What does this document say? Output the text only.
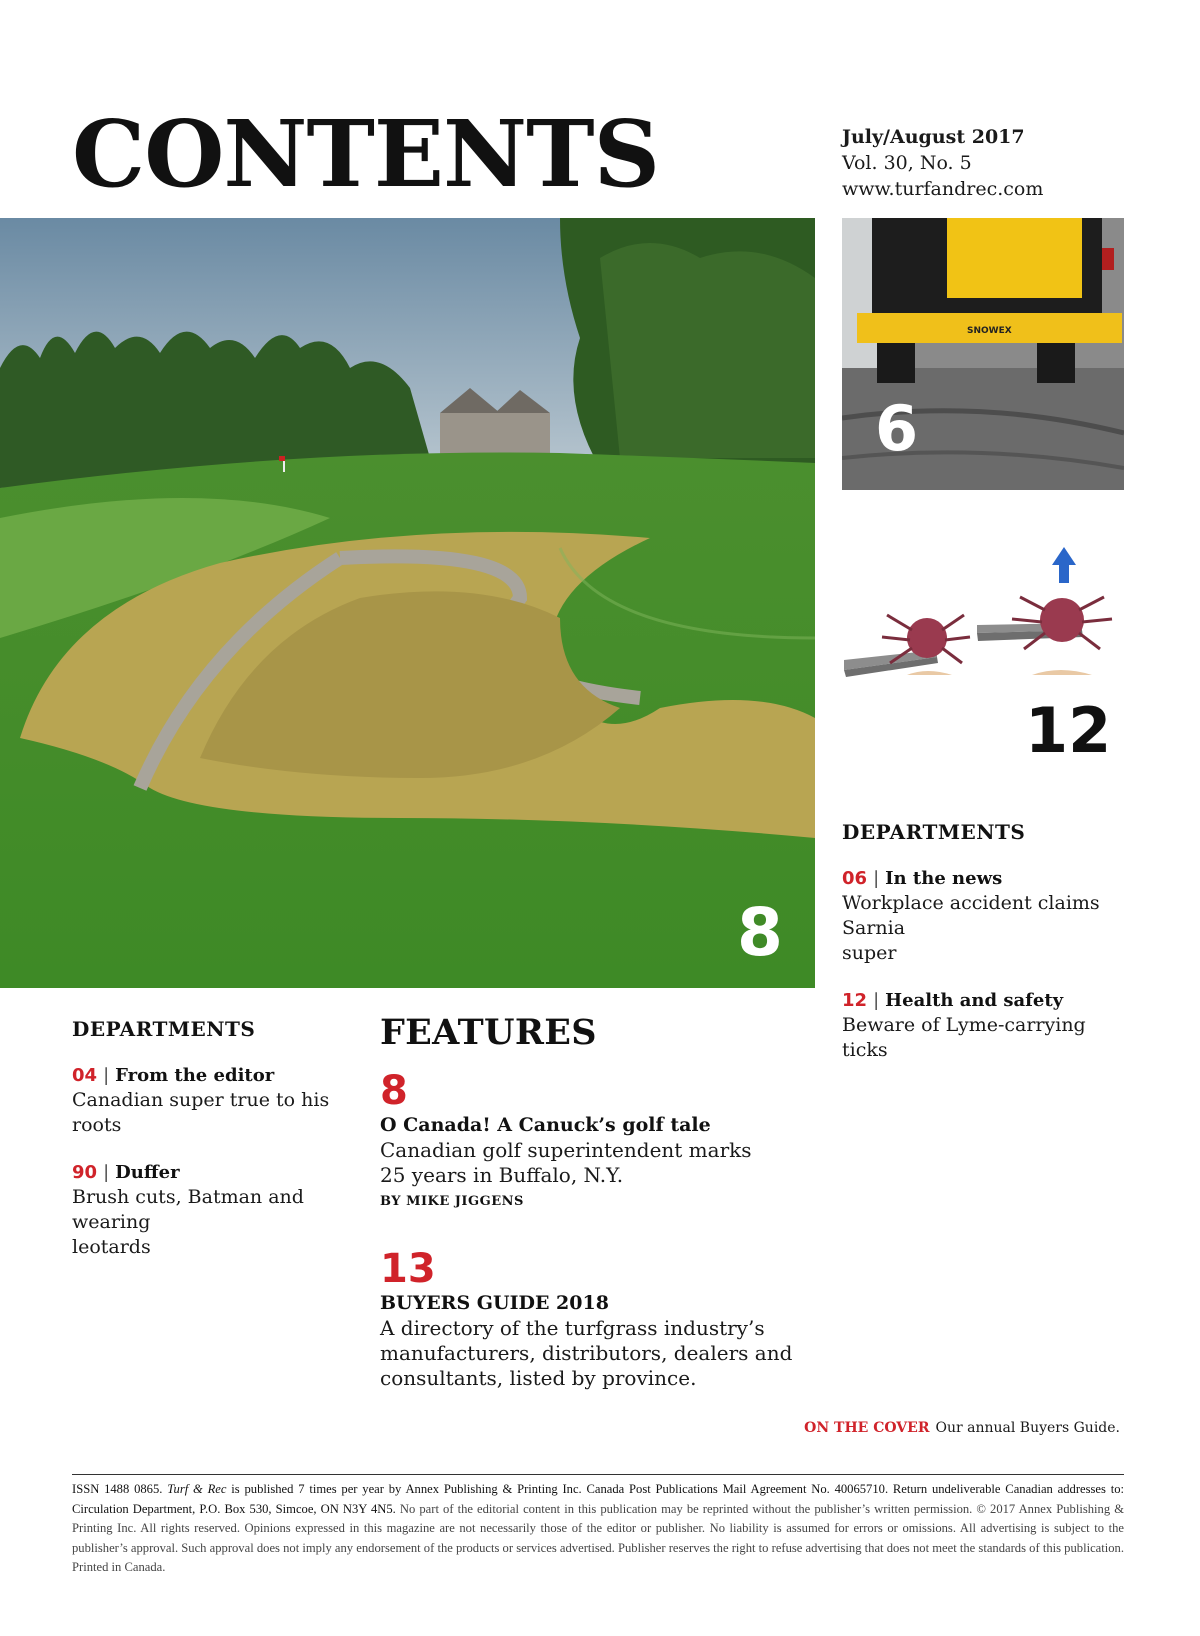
CONTENTS	July/August 2017
Vol. 30, No. 5
www.turfandrec.com
8
SNOWEX
6
12
DEPARTMENTS
06 | In the news
Workplace accident claims Sarnia
super
12 | Health and safety
Beware of Lyme-carrying ticks
DEPARTMENTS
04 | From the editor
Canadian super true to his roots
90 | Duffer
Brush cuts, Batman and wearing
leotards
FEATURES
8
O Canada! A Canuck’s golf tale
Canadian golf superintendent marks
25 years in Buffalo, N.Y.
BY MIKE JIGGENS
13
BUYERS GUIDE 2018
A directory of the turfgrass industry’s
manufacturers, distributors, dealers and
consultants, listed by province.
ON THE COVER Our annual Buyers Guide.
ISSN 1488 0865. Turf & Rec is published 7 times per year by Annex Publishing & Printing Inc. Canada Post Publications Mail Agreement No. 40065710. Return undeliverable Canadian addresses to: Circulation Department, P.O. Box 530, Simcoe, ON N3Y 4N5. No part of the editorial content in this publication may be reprinted without the publisher’s written permission. © 2017 Annex Publishing & Printing Inc. All rights reserved. Opinions expressed in this magazine are not necessarily those of the editor or publisher. No liability is assumed for errors or omissions. All advertising is subject to the publisher’s approval. Such approval does not imply any endorsement of the products or services advertised. Publisher reserves the right to refuse advertising that does not meet the standards of this publication. Printed in Canada.
